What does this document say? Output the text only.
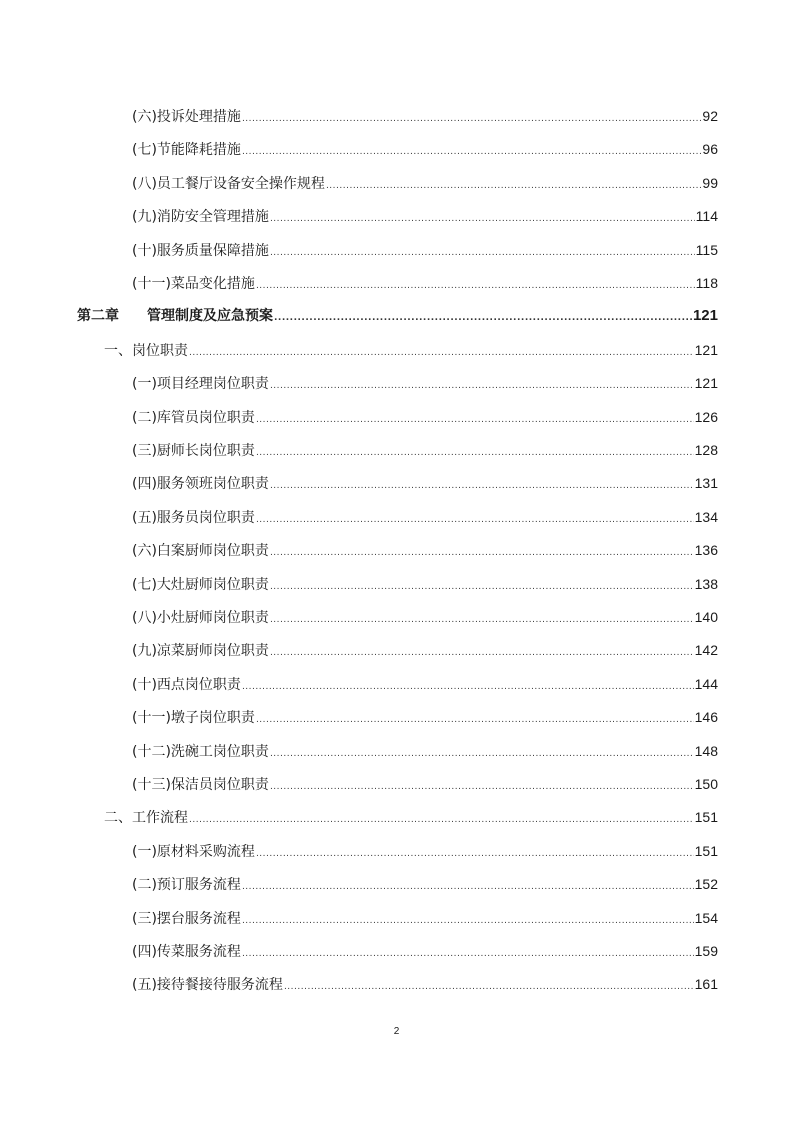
(六)投诉处理措施 .....	92
(七)节能降耗措施 .....	96
(八)员工餐厅设备安全操作规程 .....	99
(九)消防安全管理措施 .....	114
(十)服务质量保障措施 .....	115
(十一)菜品变化措施 .....	118
第二章 管理制度及应急预案 .....	121
一、岗位职责 .....	121
(一)项目经理岗位职责 .....	121
(二)库管员岗位职责 .....	126
(三)厨师长岗位职责 .....	128
(四)服务领班岗位职责 .....	131
(五)服务员岗位职责 .....	134
(六)白案厨师岗位职责 .....	136
(七)大灶厨师岗位职责 .....	138
(八)小灶厨师岗位职责 .....	140
(九)凉菜厨师岗位职责 .....	142
(十)西点岗位职责 .....	144
(十一)墩子岗位职责 .....	146
(十二)洗碗工岗位职责 .....	148
(十三)保洁员岗位职责 .....	150
二、工作流程 .....	151
(一)原材料采购流程 .....	151
(二)预订服务流程 .....	152
(三)摆台服务流程 .....	154
(四)传菜服务流程 .....	159
(五)接待餐接待服务流程 .....	161
2
